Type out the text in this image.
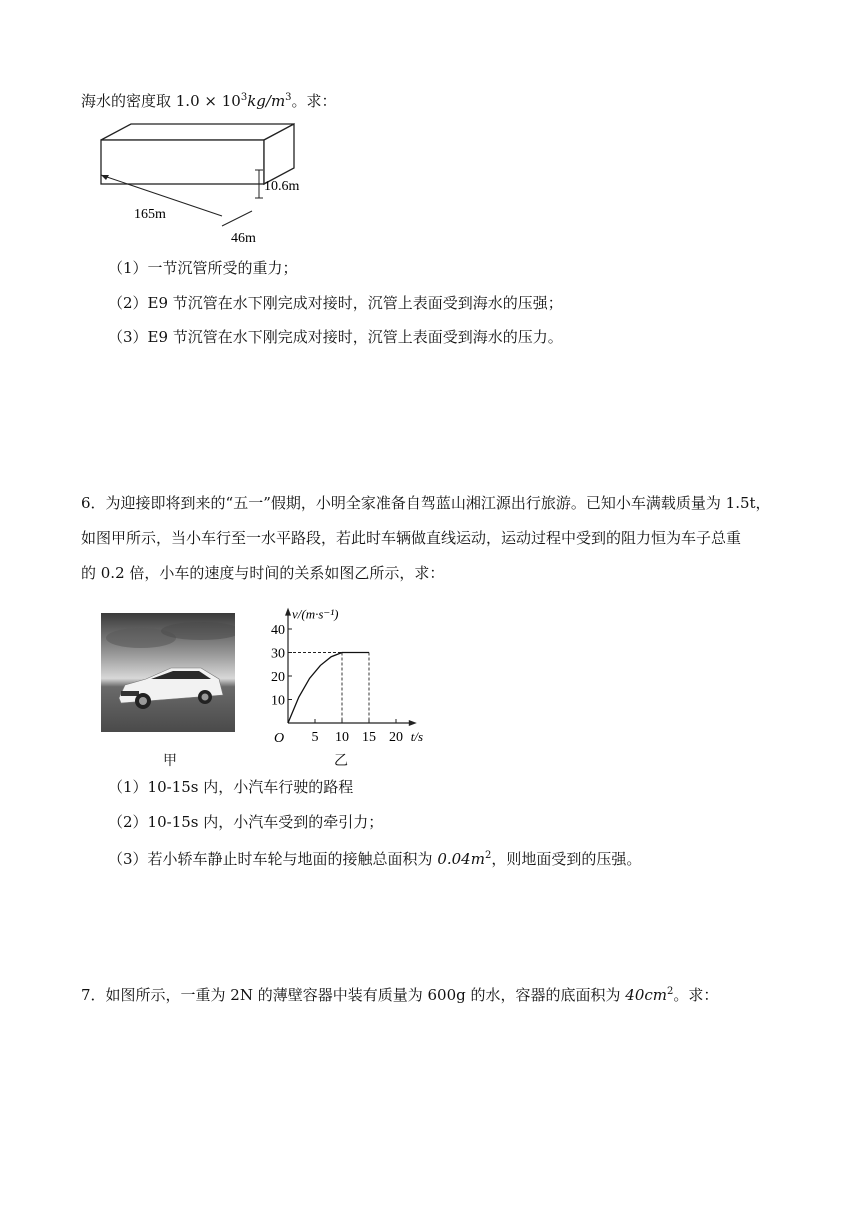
海水的密度取 $1.0 \times 10^3kg/m^3$。求：
165m
46m
10.6m
（1）一节沉管所受的重力；
（2）E9 节沉管在水下刚完成对接时，沉管上表面受到海水的压强；
（3）E9 节沉管在水下刚完成对接时，沉管上表面受到海水的压力。
6．为迎接即将到来的“五一”假期，小明全家准备自驾蓝山湘江源出行旅游。已知小车满载质量为 1.5t，
如图甲所示，当小车行至一水平路段，若此时车辆做直线运动，运动过程中受到的阻力恒为车子总重
的 0.2 倍，小车的速度与时间的关系如图乙所示，求：
甲
5 10 15 20
10
20
30
40
O	t/s
v/(m·s⁻¹)
乙
（1）10-15s 内，小汽车行驶的路程
（2）10-15s 内，小汽车受到的牵引力；
（3）若小轿车静止时车轮与地面的接触总面积为 $0.04m^2$，则地面受到的压强。
7．如图所示，一重为 2N 的薄壁容器中装有质量为 600g 的水，容器的底面积为 $40cm^2$。求：
